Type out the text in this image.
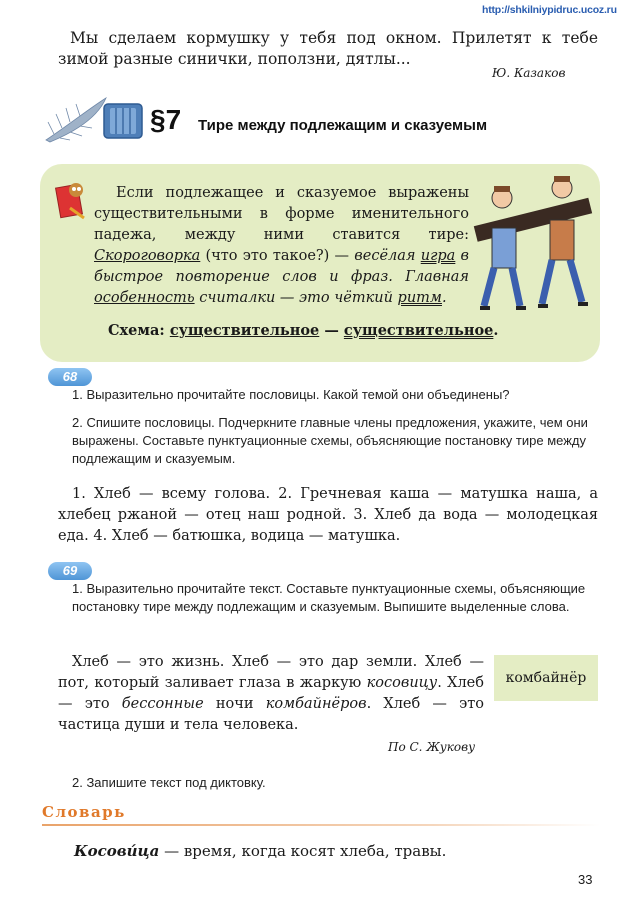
http://shkilniypidruc.ucoz.ru
Мы сделаем кормушку у тебя под окном. Прилетят к тебе зимой разные синички, поползни, дятлы...
Ю. Казаков
§7 Тире между подлежащим и сказуемым

Если подлежащее и сказуемое выражены существительными в форме именительного падежа, между ними ставится тире: Скороговорка (что это такое?) — весёлая игра в быстрое повторение слов и фраз. Главная особенность считалки — это чёткий ритм.

Схема: существительное — существительное.
68
1. Выразительно прочитайте пословицы. Какой темой они объединены?
2. Спишите пословицы. Подчеркните главные члены предложения, укажите, чем они выражены. Составьте пунктуационные схемы, объясняющие постановку тире между подлежащим и сказуемым.
1. Хлеб — всему голова. 2. Гречневая каша — матушка наша, а хлебец ржаной — отец наш родной. 3. Хлеб да вода — молодецкая еда. 4. Хлеб — батюшка, водица — матушка.
69
1. Выразительно прочитайте текст. Составьте пунктуационные схемы, объясняющие постановку тире между подлежащим и сказуемым. Выпишите выделенные слова.
Хлеб — это жизнь. Хлеб — это дар земли. Хлеб — пот, который заливает глаза в жаркую косовицу. Хлеб — это бессонные ночи комбайнёров. Хлеб — это частица души и тела человека.
комбайнёр
По С. Жукову
2. Запишите текст под диктовку.
Словарь
Косови́ца — время, когда косят хлеба, травы.
33
